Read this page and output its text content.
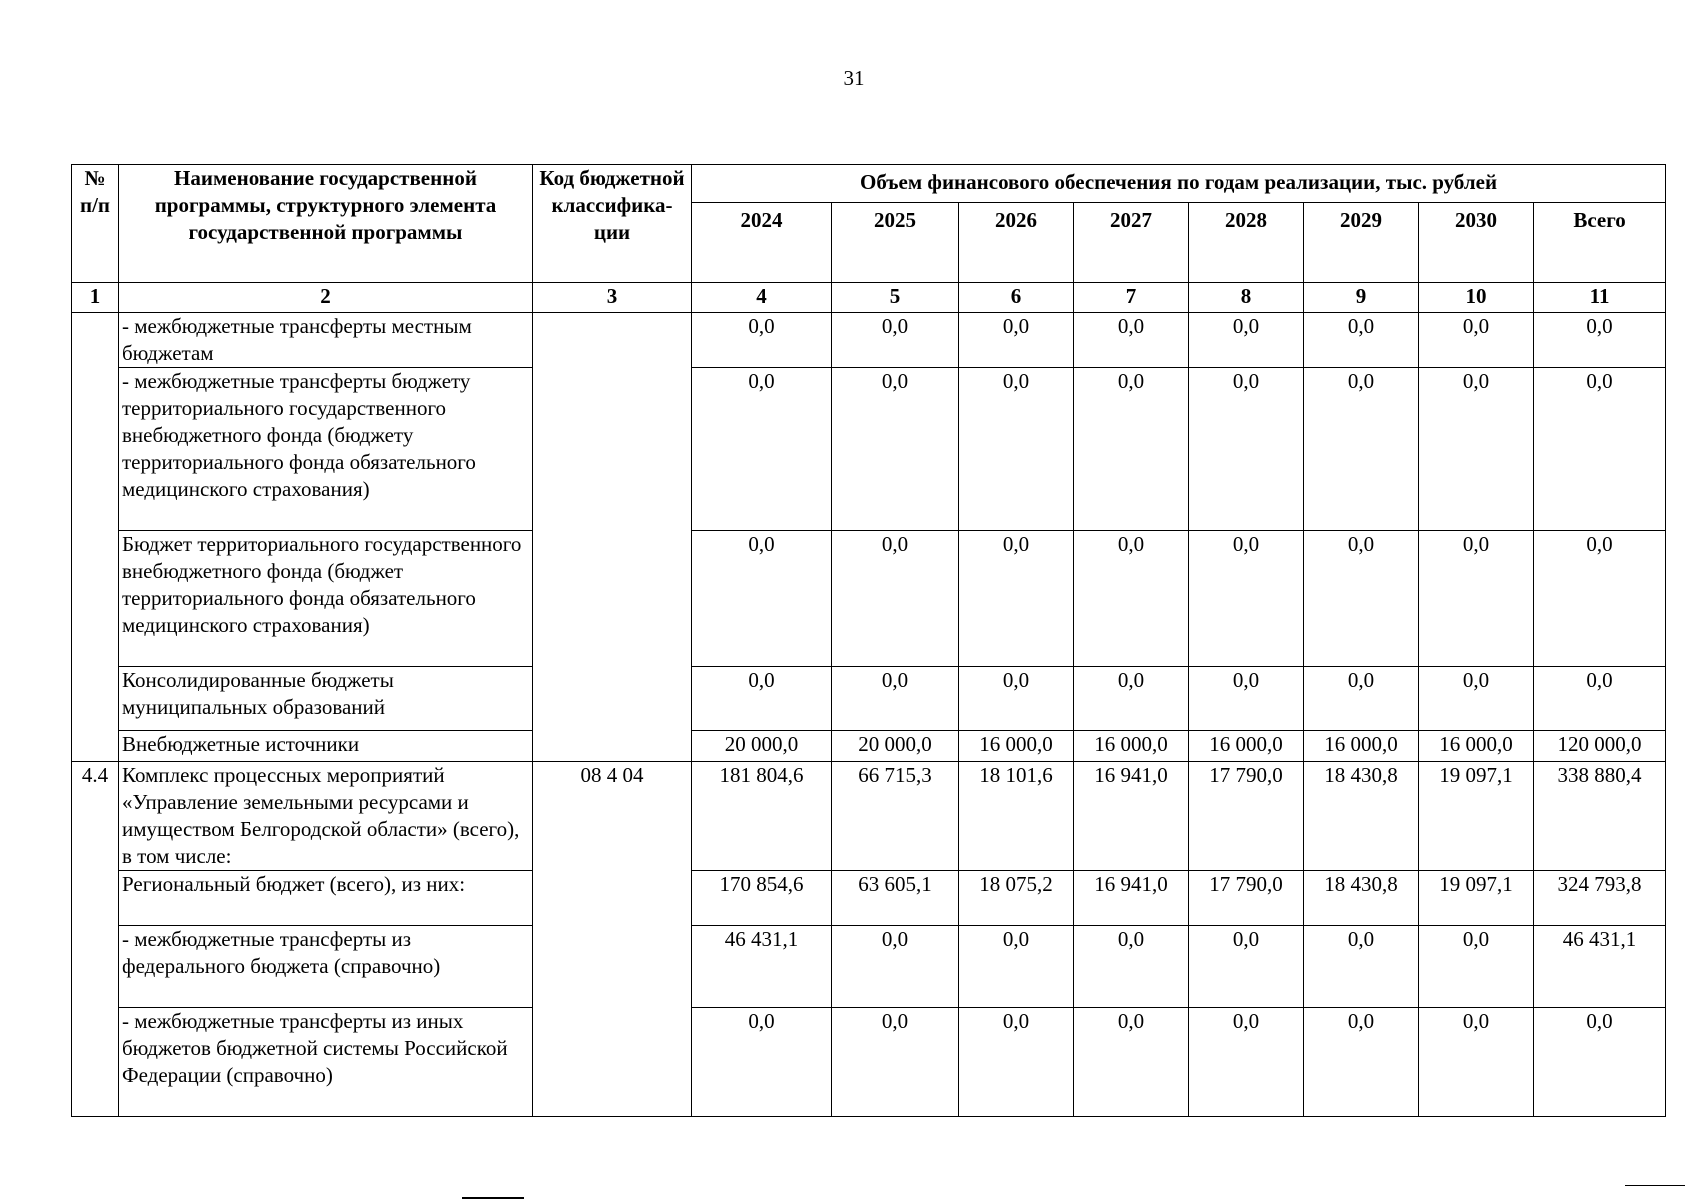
31
№ п/п	Наименование государственной программы, структурного элемента государственной программы	Код бюджетной классифика-ции	Объем финансового обеспечения по годам реализации, тыс. рублей							
			2024	2025	2026	2027	2028	2029	2030	Всего
1	2	3	4	5	6	7	8	9	10	11
	- межбюджетные трансферты местным бюджетам		0,0	0,0	0,0	0,0	0,0	0,0	0,0	0,0
	- межбюджетные трансферты бюджету территориального государственного внебюджетного фонда (бюджету территориального фонда обязательного медицинского страхования)		0,0	0,0	0,0	0,0	0,0	0,0	0,0	0,0
	Бюджет территориального государственного внебюджетного фонда (бюджет территориального фонда обязательного медицинского страхования)		0,0	0,0	0,0	0,0	0,0	0,0	0,0	0,0
	Консолидированные бюджеты муниципальных образований		0,0	0,0	0,0	0,0	0,0	0,0	0,0	0,0
	Внебюджетные источники		20 000,0	20 000,0	16 000,0	16 000,0	16 000,0	16 000,0	16 000,0	120 000,0
4.4	Комплекс процессных мероприятий «Управление земельными ресурсами и имуществом Белгородской области» (всего), в том числе:	08 4 04	181 804,6	66 715,3	18 101,6	16 941,0	17 790,0	18 430,8	19 097,1	338 880,4
	Региональный бюджет (всего), из них:		170 854,6	63 605,1	18 075,2	16 941,0	17 790,0	18 430,8	19 097,1	324 793,8
	- межбюджетные трансферты из федерального бюджета (справочно)		46 431,1	0,0	0,0	0,0	0,0	0,0	0,0	46 431,1
	- межбюджетные трансферты из иных бюджетов бюджетной системы Российской Федерации (справочно)		0,0	0,0	0,0	0,0	0,0	0,0	0,0	0,0
